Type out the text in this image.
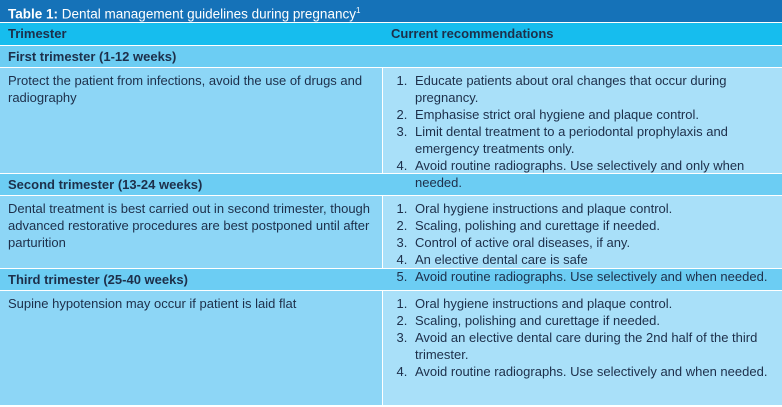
Table 1: Dental management guidelines during pregnancy$^1$
Trimester	Current recommendations
First trimester (1-12 weeks)
Protect the patient from infections, avoid the use of drugs and radiography
1. Educate patients about oral changes that occur during pregnancy.
2. Emphasise strict oral hygiene and plaque control.
3. Limit dental treatment to a periodontal prophylaxis and emergency treatments only.
4. Avoid routine radiographs. Use selectively and only when needed.
Second trimester (13-24 weeks)
Dental treatment is best carried out in second trimester, though advanced restorative procedures are best postponed until after parturition
1. Oral hygiene instructions and plaque control.
2. Scaling, polishing and curettage if needed.
3. Control of active oral diseases, if any.
4. An elective dental care is safe
5. Avoid routine radiographs. Use selectively and when needed.
Third trimester (25-40 weeks)
Supine hypotension may occur if patient is laid flat	1. Oral hygiene instructions and plaque control.
2. Scaling, polishing and curettage if needed.
3. Avoid an elective dental care during the 2nd half of the third trimester.
4. Avoid routine radiographs. Use selectively and when needed.
